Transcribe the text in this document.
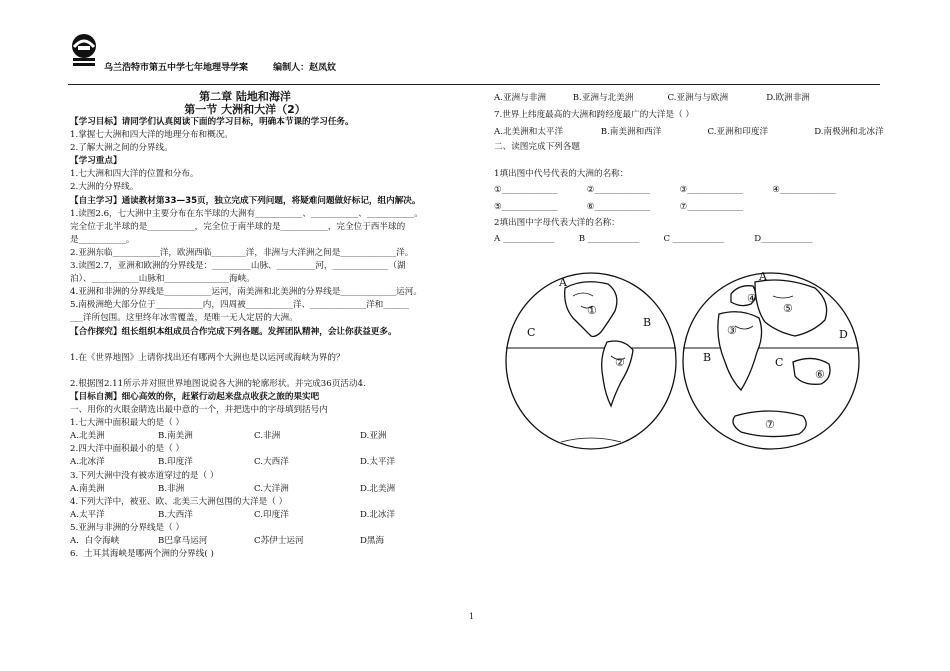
乌兰浩特市第五中学七年地理导学案	编制人：赵凤妏
第二章 陆地和海洋
第一节 大洲和大洋（2）
【学习目标】请同学们认真阅读下面的学习目标，明确本节课的学习任务。
1.掌握七大洲和四大洋的地理分布和概况。
2.了解大洲之间的分界线。
【学习重点】
1.七大洲和四大洋的位置和分布。
2.大洲的分界线。
【自主学习】通读教材第33—35页，独立完成下列问题，将疑难问题做好标记，组内解决。
1.读图2.6，七大洲中主要分布在东半球的大洲有___________、___________、___________。
完全位于北半球的是___________，完全位于南半球的是___________，完全位于西半球的
是___________。
2.亚洲东临___________洋，欧洲西临________洋，非洲与大洋洲之间是_____________洋。
3.读图2.7，亚洲和欧洲的分界线是：_________山脉、_________河，_____________（湖
泊）、___________山脉和_______________海峡。
4.亚洲和非洲的分界线是___________运河，南美洲和北美洲的分界线是_____________运河。
5.南极洲绝大部分位于___________内，四周被___________洋、_____________洋和______
___洋所包围。这里终年冰雪覆盖，是唯一无人定居的大洲。
【合作探究】组长组织本组成员合作完成下列各题。发挥团队精神，会让你获益更多。

1.在《世界地图》上请你找出还有哪两个大洲也是以运河或海峡为界的？

2.根据图2.11所示并对照世界地图说说各大洲的轮廓形状。并完成36页活动4.
【目标自测】细心高效的你，赶紧行动起来盘点收获之旅的果实吧
一、用你的火眼金睛选出最中意的一个，并把选中的字母填到括号内
1.七大洲中面积最大的是（ ）
A.北美洲	B.南美洲	C.非洲	D.亚洲
2.四大洋中面积最小的是（ ）
A.北冰洋	B.印度洋	C.大西洋	D.太平洋
3.下列大洲中没有被赤道穿过的是（ ）
A.南美洲	B.非洲	C.大洋洲	D.北美洲
4.下列大洋中，被亚、欧、北美三大洲包围的大洋是（ ）
A.太平洋	B.大西洋	C.印度洋	D.北冰洋
5.亚洲与非洲的分界线是（ ）
A．白令海峡	B巴拿马运河	C苏伊士运河	D黑海
6．土耳其海峡是哪两个洲的分界线( )
A.亚洲与非洲	B.亚洲与北美洲	C.亚洲与与欧洲	D.欧洲非洲
7.世界上纬度最高的大洲和跨经度最广的大洋是（ ）
A.北美洲和太平洋	B.南美洲和西洋	C.亚洲和印度洋	D.南极洲和北冰洋
二、读图完成下列各题
1填出图中代号代表的大洲的名称：
①_____________	②_____________	③_____________	④_____________
⑤_____________	⑥_____________	⑦_____________
2填出图中字母代表大洋的名称：
A ____________	B ____________	C ____________	D____________
A
B
C
①
②
A
B	C
D
③
④
⑤
⑥
⑦
1
